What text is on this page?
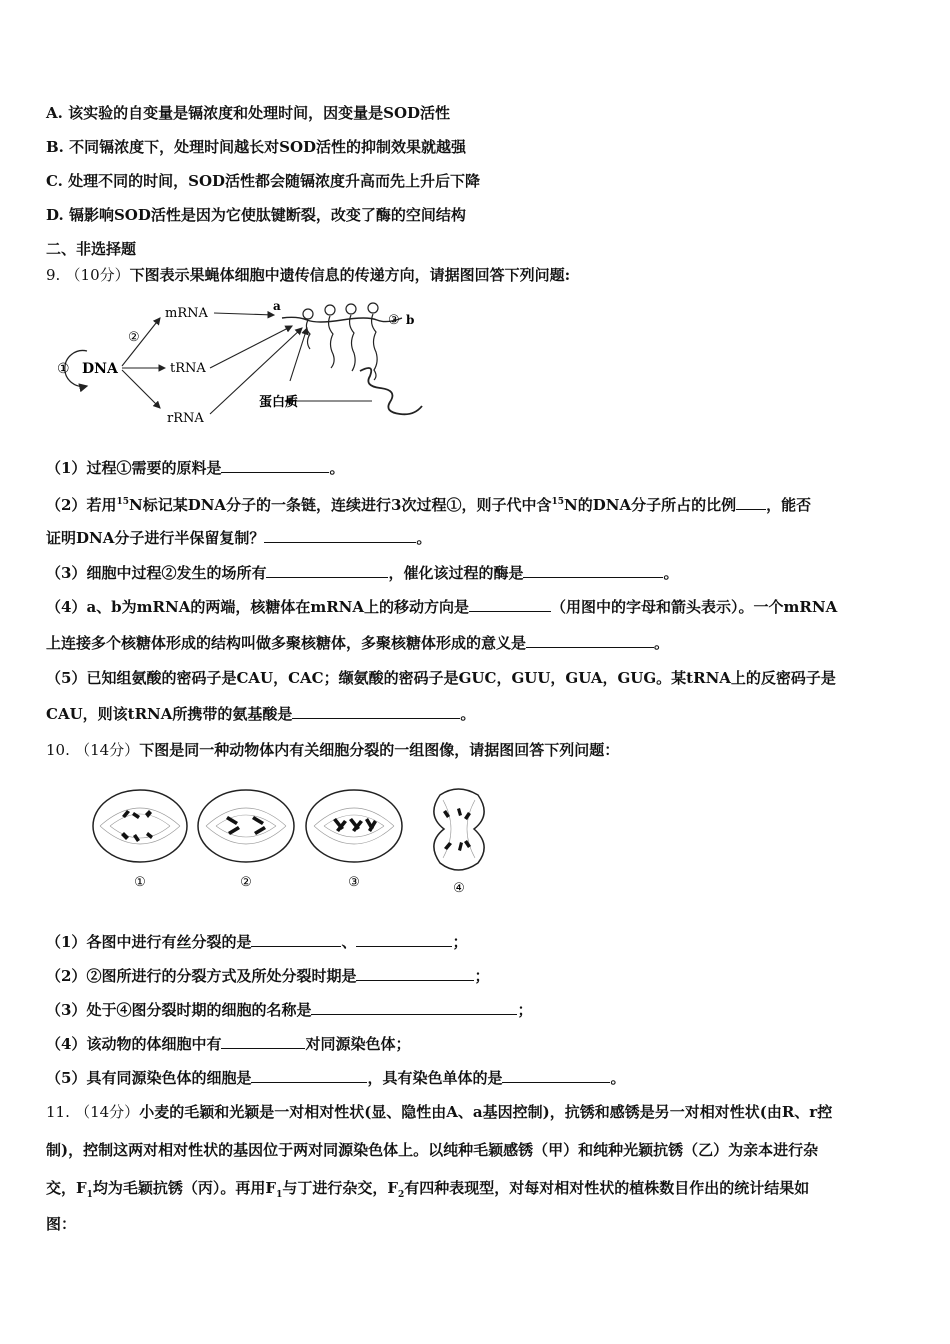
A. 该实验的自变量是镉浓度和处理时间，因变量是SOD活性
B. 不同镉浓度下，处理时间越长对SOD活性的抑制效果就越强
C. 处理不同的时间，SOD活性都会随镉浓度升高而先上升后下降
D. 镉影响SOD活性是因为它使肽键断裂，改变了酶的空间结构
二、非选择题
9. （10分）下图表示果蝇体细胞中遗传信息的传递方向，请据图回答下列问题:
① DNA
②
mRNA
tRNA
rRNA
a
③ b
蛋白质
（1）过程①需要的原料是	。
（2）若用$^{15}$N标记某DNA分子的一条链，连续进行3次过程①，则子代中含$^{15}$N的DNA分子所占的比例 ，能否
证明DNA分子进行半保留复制？	。
（3）细胞中过程②发生的场所有	，催化该过程的酶是	。
（4）a、b为mRNA的两端，核糖体在mRNA上的移动方向是	（用图中的字母和箭头表示）。一个mRNA
上连接多个核糖体形成的结构叫做多聚核糖体，多聚核糖体形成的意义是	。
（5）已知组氨酸的密码子是CAU，CAC；缬氨酸的密码子是GUC，GUU，GUA，GUG。某tRNA上的反密码子是
CAU，则该tRNA所携带的氨基酸是	。
10. （14分）下图是同一种动物体内有关细胞分裂的一组图像，请据图回答下列问题：
①	②	③	④
（1）各图中进行有丝分裂的是	、	；
（2）②图所进行的分裂方式及所处分裂时期是	；
（3）处于④图分裂时期的细胞的名称是	；
（4）该动物的体细胞中有	对同源染色体；
（5）具有同源染色体的细胞是	，具有染色单体的是	。
11. （14分）小麦的毛颖和光颖是一对相对性状(显、隐性由A、a基因控制)，抗锈和感锈是另一对相对性状(由R、r控
制)，控制这两对相对性状的基因位于两对同源染色体上。以纯种毛颖感锈（甲）和纯种光颖抗锈（乙）为亲本进行杂
交，$F_1$均为毛颖抗锈（丙）。再用$F_1$与丁进行杂交，$F_2$有四种表现型，对每对相对性状的植株数目作出的统计结果如
图：
